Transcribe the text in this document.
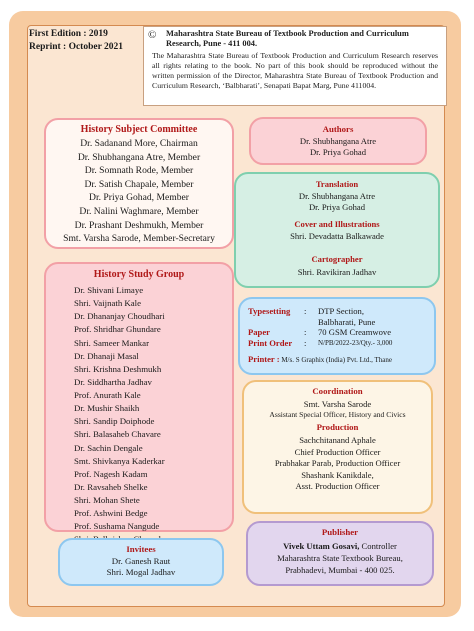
First Edition : 2019
Reprint : October 2021
© Maharashtra State Bureau of Textbook Production and Curriculum Research, Pune - 411 004.
The Maharashtra State Bureau of Textbook Production and Curriculum Research reserves all rights relating to the book. No part of this book should be reproduced without the written permission of the Director, Maharashtra State Bureau of Textbook Production and Curriculum Research, ‘Balbharati’, Senapati Bapat Marg, Pune 411004.
History Subject Committee
Dr. Sadanand More, Chairman
Dr. Shubhangana Atre, Member
Dr. Somnath Rode, Member
Dr. Satish Chapale, Member
Dr. Priya Gohad, Member
Dr. Nalini Waghmare, Member
Dr. Prashant Deshmukh, Member
Smt. Varsha Sarode, Member-Secretary
History Study Group
Dr. Shivani Limaye
Shri. Vaijnath Kale
Dr. Dhananjay Choudhari
Prof. Shridhar Ghundare
Shri. Sameer Mankar
Dr. Dhanaji Masal
Shri. Krishna Deshmukh
Dr. Siddhartha Jadhav
Prof. Anurath Kale
Dr. Mushir Shaikh
Shri. Sandip Doiphode
Shri. Balasaheb Chavare
Dr. Sachin Dengale
Smt. Shivkanya Kaderkar
Prof. Nagesh Kadam
Dr. Ravsaheb Shelke
Shri. Mohan Shete
Prof. Ashwini Bedge
Prof. Sushama Nangude
Invitees
Dr. Ganesh Raut
Shri. Mogal Jadhav
Authors
Dr. Shubhangana Atre
Dr. Priya Gohad
Translation
Dr. Shubhangana Atre
Dr. Priya Gohad
Cover and Illustrations
Shri. Devadatta Balkawade
Cartographer
Shri. Ravikiran Jadhav
Typesetting	:	DTP Section,
Balbharati, Pune
Paper	:	70 GSM Creamwove
Print Order	:	N/PB/2022-23/Qty.- 3,000
Printer : M/s. S Graphix (India) Pvt. Ltd., Thane
Coordination
Smt. Varsha Sarode
Assistant Special Officer, History and Civics
Production
Sachchitanand Aphale
Chief Production Officer
Prabhakar Parab, Production Officer
Shashank Kanikdale,
Asst. Production Officer
Publisher
Vivek Uttam Gosavi, Controller
Maharashtra State Textbook Bureau,
Prabhadevi, Mumbai - 400 025.
